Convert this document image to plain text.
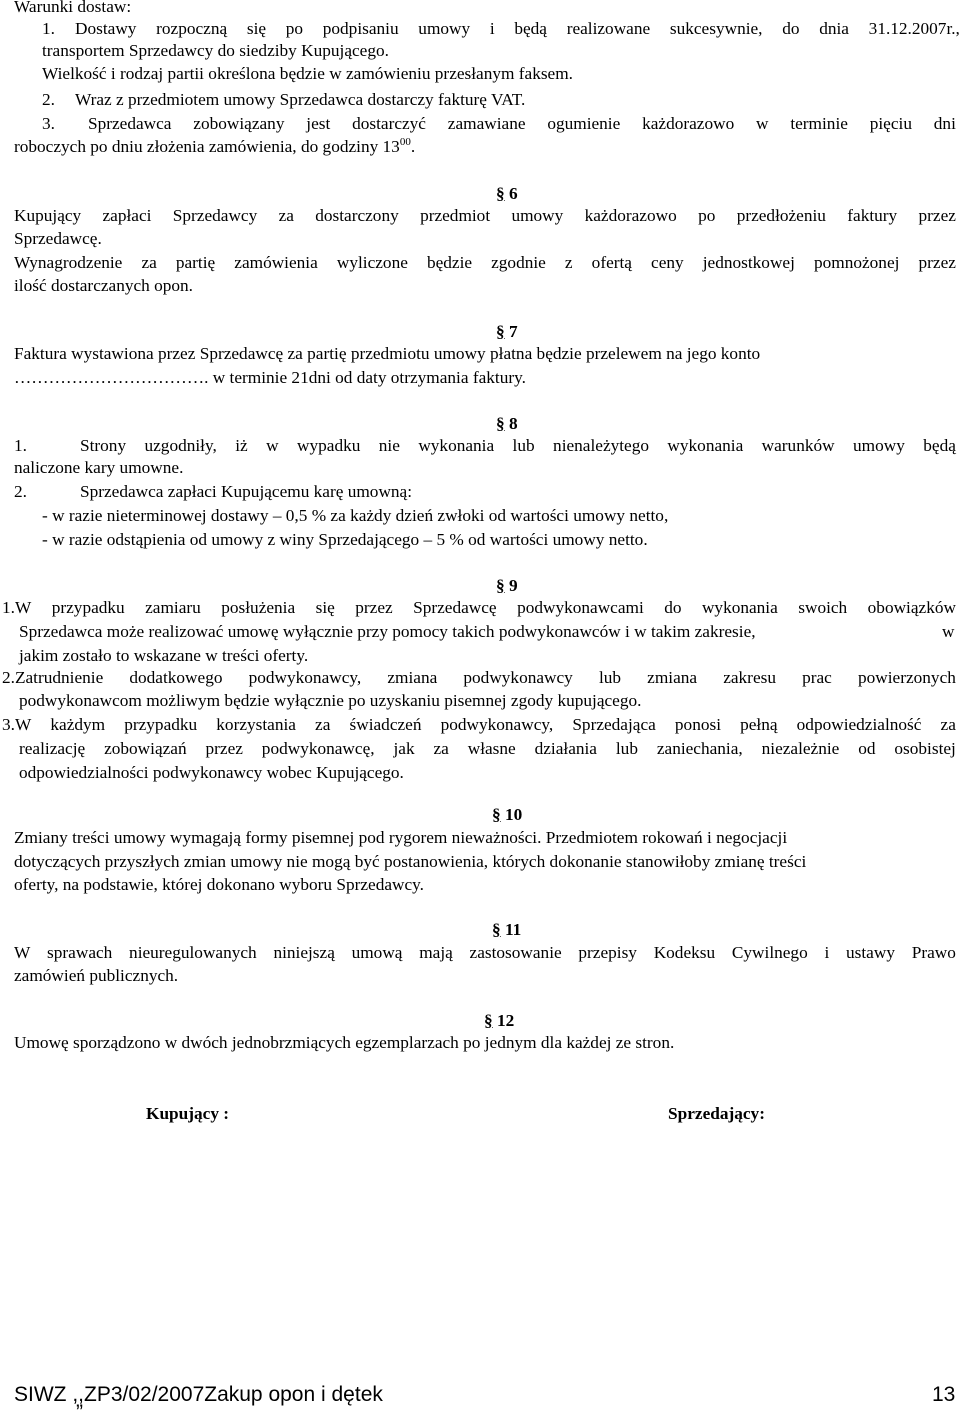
Warunki dostaw:
1. Dostawy rozpoczną się po podpisaniu umowy i będą realizowane sukcesywnie, do dnia 31.12.2007r.,
transportem Sprzedawcy do siedziby Kupującego.
Wielkość i rodzaj partii określona będzie w zamówieniu przesłanym faksem.
2. Wraz z przedmiotem umowy Sprzedawca dostarczy fakturę VAT.
3. Sprzedawca zobowiązany jest dostarczyć zamawiane ogumienie każdorazowo w terminie pięciu dni
roboczych po dniu złożenia zamówienia, do godziny $13^{00}$.
§ 6
Kupujący zapłaci Sprzedawcy za dostarczony przedmiot umowy każdorazowo po przedłożeniu faktury przez
Sprzedawcę.
Wynagrodzenie za partię zamówienia wyliczone będzie zgodnie z ofertą ceny jednostkowej pomnożonej przez
ilość dostarczanych opon.
§ 7
Faktura wystawiona przez Sprzedawcę za partię przedmiotu umowy płatna będzie przelewem na jego konto
……………………………. w terminie 21dni od daty otrzymania faktury.
§ 8
1.	Strony uzgodniły, iż w wypadku nie wykonania lub nienależytego wykonania warunków umowy będą
naliczone kary umowne.
2.	Sprzedawca zapłaci Kupującemu karę umowną:
- w razie nieterminowej dostawy – 0,5 % za każdy dzień zwłoki od wartości umowy netto,
- w razie odstąpienia od umowy z winy Sprzedającego – 5 % od wartości umowy netto.
§ 9
1.W przypadku zamiaru posłużenia się przez Sprzedawcę podwykonawcami do wykonania swoich obowiązków
Sprzedawca może realizować umowę wyłącznie przy pomocy takich podwykonawców i w takim zakresie,	w
jakim zostało to wskazane w treści oferty.
2.Zatrudnienie dodatkowego podwykonawcy, zmiana podwykonawcy lub zmiana zakresu prac powierzonych
podwykonawcom możliwym będzie wyłącznie po uzyskaniu pisemnej zgody kupującego.
3.W każdym przypadku korzystania za świadczeń podwykonawcy, Sprzedająca ponosi pełną odpowiedzialność za
realizację zobowiązań przez podwykonawcę, jak za własne działania lub zaniechania, niezależnie od osobistej
odpowiedzialności podwykonawcy wobec Kupującego.
§ 10
Zmiany treści umowy wymagają formy pisemnej pod rygorem nieważności. Przedmiotem rokowań i negocjacji
dotyczących przyszłych zmian umowy nie mogą być postanowienia, których dokonanie stanowiłoby zmianę treści
oferty, na podstawie, której dokonano wyboru Sprzedawcy.
§ 11
W sprawach nieuregulowanych niniejszą umową mają zastosowanie przepisy Kodeksu Cywilnego i ustawy Prawo
zamówień publicznych.
§ 12
Umowę sporządzono w dwóch jednobrzmiących egzemplarzach po jednym dla każdej ze stron.
Kupujący :	Sprzedający:
SIWZ ,,ZP3/02/2007Zakup opon i dętek
”
13
